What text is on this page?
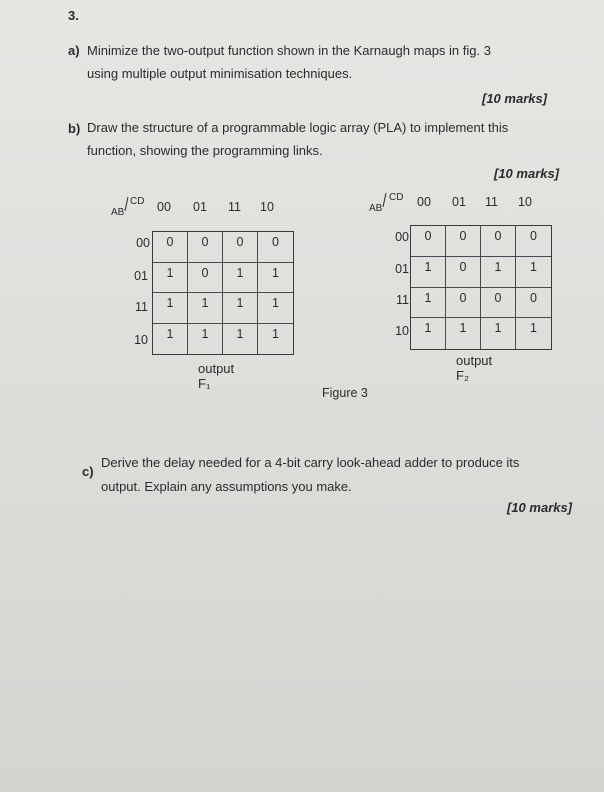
3.
a) Minimize the two-output function shown in the Karnaugh maps in fig. 3
using multiple output minimisation techniques.
[10 marks]
b) Draw the structure of a programmable logic array (PLA) to implement this
function, showing the programming links.
[10 marks]
AB
CD 00 01 11 10
00
01
11
10
0	0	0	0
1	0	1	1
1	1	1	1
1	1	1	1
output F₁
AB
CD 00 01 11 10
00
01
11
10
0	0	0	0
1	0	1	1
1	0	0	0
1	1	1	1
output F₂
Figure 3
c)
Derive the delay needed for a 4-bit carry look-ahead adder to produce its
output. Explain any assumptions you make.
[10 marks]
